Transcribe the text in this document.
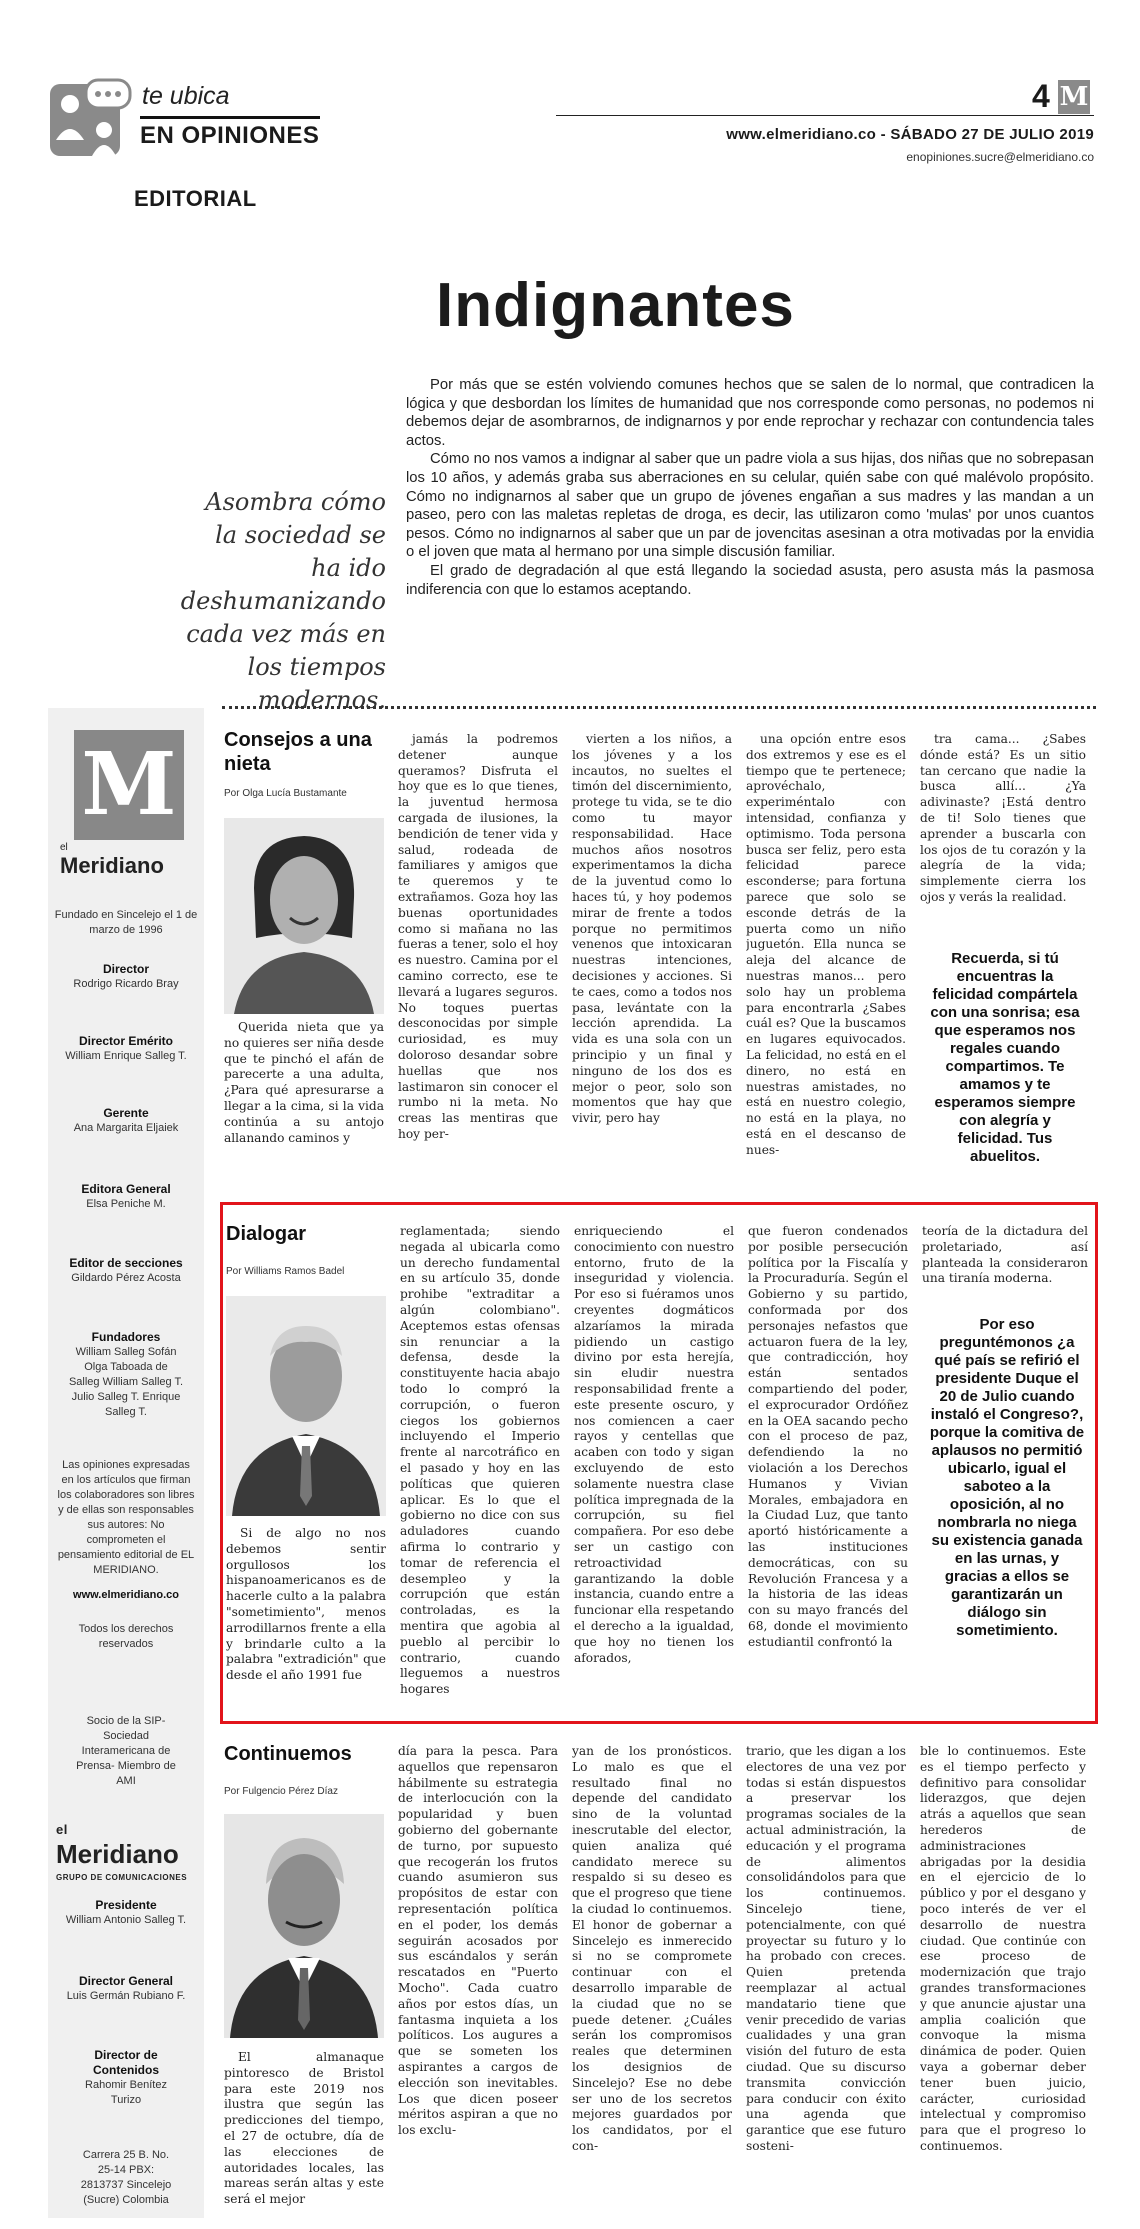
te ubica
EN OPINIONES
EDITORIAL
4 M
www.elmeridiano.co - SÁBADO 27 DE JULIO 2019
enopiniones.sucre@elmeridiano.co
Indignantes
Asombra cómo la sociedad se ha ido deshumanizando cada vez más en los tiempos modernos.

Por más que se estén volviendo comunes hechos que se salen de lo normal, que contradicen la lógica y que desbordan los límites de humanidad que nos corresponde como personas, no podemos ni debemos dejar de asombrarnos, de indignarnos y por ende reprochar y rechazar con contundencia tales actos.

Cómo no nos vamos a indignar al saber que un padre viola a sus hijas, dos niñas que no sobrepasan los 10 años, y además graba sus aberraciones en su celular, quién sabe con qué malévolo propósito. Cómo no indignarnos al saber que un grupo de jóvenes engañan a sus madres y las mandan a un paseo, pero con las maletas repletas de droga, es decir, las utilizaron como 'mulas' por unos cuantos pesos. Cómo no indignarnos al saber que un par de jovencitas asesinan a otra motivadas por la envidia o el joven que mata al hermano por una simple discusión familiar.

El grado de degradación al que está llegando la sociedad asusta, pero asusta más la pasmosa indiferencia con que lo estamos aceptando.

M
el
Meridiano
Fundado en Sincelejo el 1 de marzo de 1996
Director
Rodrigo Ricardo Bray
Director Emérito
William Enrique Salleg T.
Gerente
Ana Margarita Eljaiek
Editora General
Elsa Peniche M.
Editor de secciones
Gildardo Pérez Acosta
Fundadores
William Salleg Sofán Olga Taboada de Salleg William Salleg T. Julio Salleg T. Enrique Salleg T.
Las opiniones expresadas en los artículos que firman los colaboradores son libres y de ellas son responsables sus autores: No comprometen el pensamiento editorial de EL MERIDIANO.
www.elmeridiano.co
Todos los derechos reservados
Socio de la SIP- Sociedad Interamericana de Prensa- Miembro de AMI
el
Meridiano
GRUPO DE COMUNICACIONES
Presidente
William Antonio Salleg T.
Director General
Luis Germán Rubiano F.
Director de Contenidos
Rahomir Benítez Turizo
Carrera 25 B. No. 25-14 PBX: 2813737 Sincelejo (Sucre) Colombia
Consejos a una nieta
Por Olga Lucía Bustamante

Querida nieta que ya no quieres ser niña desde que te pinchó el afán de parecerte a una adulta, ¿Para qué apresurarse a llegar a la cima, si la vida continúa a su antojo allanando caminos y

jamás la podremos detener aunque queramos? Disfruta el hoy que es lo que tienes, la juventud hermosa cargada de ilusiones, la bendición de tener vida y salud, rodeada de familiares y amigos que te queremos y te extrañamos. Goza hoy las buenas oportunidades como si mañana no las fueras a tener, solo el hoy es nuestro. Camina por el camino correcto, ese te llevará a lugares seguros. No toques puertas desconocidas por simple curiosidad, es muy doloroso desandar sobre huellas que nos lastimaron sin conocer el rumbo ni la meta. No creas las mentiras que hoy per-

vierten a los niños, a los jóvenes y a los incautos, no sueltes el timón del discernimiento, protege tu vida, se te dio como tu mayor responsabilidad. Hace muchos años nosotros experimentamos la dicha de la juventud como lo haces tú, y hoy podemos mirar de frente a todos porque no permitimos venenos que intoxicaran nuestras intenciones, decisiones y acciones. Si te caes, como a todos nos pasa, levántate con la lección aprendida. La vida es una sola con un principio y un final y ninguno de los dos es mejor o peor, solo son momentos que hay que vivir, pero hay

una opción entre esos dos extremos y ese es el tiempo que te pertenece; aprovéchalo, experiméntalo con intensidad, confianza y optimismo. Toda persona busca ser feliz, pero esta felicidad parece esconderse; para fortuna parece que solo se esconde detrás de la puerta como un niño juguetón. Ella nunca se aleja del alcance de nuestras manos... pero solo hay un problema para encontrarla ¿Sabes cuál es? Que la buscamos en lugares equivocados. La felicidad, no está en el dinero, no está en nuestras amistades, no está en nuestro colegio, no está en la playa, no está en el descanso de nues-

tra cama... ¿Sabes dónde está? Es un sitio tan cercano que nadie la busca allí... ¿Ya adivinaste? ¡Está dentro de ti! Solo tienes que aprender a buscarla con los ojos de tu corazón y la alegría de la vida; simplemente cierra los ojos y verás la realidad.

Recuerda, si tú encuentras la felicidad compártela con una sonrisa; esa que esperamos nos regales cuando compartimos. Te amamos y te esperamos siempre con alegría y felicidad. Tus abuelitos.
Dialogar
Por Williams Ramos Badel

Si de algo no nos debemos sentir orgullosos los hispanoamericanos es de hacerle culto a la palabra "sometimiento", menos arrodillarnos frente a ella y brindarle culto a la palabra "extradición" que desde el año 1991 fue

reglamentada; siendo negada al ubicarla como un derecho fundamental en su artículo 35, donde prohibe "extraditar a algún colombiano". Aceptemos estas ofensas sin renunciar a la defensa, desde la constituyente hacia abajo todo lo compró la corrupción, o fueron ciegos los gobiernos incluyendo el Imperio frente al narcotráfico en el pasado y hoy en las políticas que quieren aplicar. Es lo que el gobierno no dice con sus aduladores cuando afirma lo contrario y tomar de referencia el desempleo y la corrupción que están controladas, es la mentira que agobia al pueblo al percibir lo contrario, cuando lleguemos a nuestros hogares

enriqueciendo el conocimiento con nuestro entorno, fruto de la inseguridad y violencia. Por eso si fuéramos unos creyentes dogmáticos alzaríamos la mirada pidiendo un castigo divino por esta herejía, sin eludir nuestra responsabilidad frente a este presente oscuro, y nos comiencen a caer rayos y centellas que acaben con todo y sigan excluyendo de esto solamente nuestra clase política impregnada de la corrupción, su fiel compañera. Por eso debe ser un castigo con retroactividad garantizando la doble instancia, cuando entre a funcionar ella respetando el derecho a la igualdad, que hoy no tienen los aforados,

que fueron condenados por posible persecución política por la Fiscalía y la Procuraduría. Según el Gobierno y su partido, conformada por dos personajes nefastos que actuaron fuera de la ley, que contradicción, hoy están sentados compartiendo del poder, el exprocurador Ordóñez en la OEA sacando pecho con el proceso de paz, defendiendo la no violación a los Derechos Humanos y Vivian Morales, embajadora en la Ciudad Luz, que tanto aportó históricamente a las instituciones democráticas, con su Revolución Francesa y a la historia de las ideas con su mayo francés del 68, donde el movimiento estudiantil confrontó la

teoría de la dictadura del proletariado, así planteada la consideraron una tiranía moderna.

Por eso preguntémonos ¿a qué país se refirió el presidente Duque el 20 de Julio cuando instaló el Congreso?, porque la comitiva de aplausos no permitió ubicarlo, igual el saboteo a la oposición, al no nombrarla no niega su existencia ganada en las urnas, y gracias a ellos se garantizarán un diálogo sin sometimiento.
Continuemos
Por Fulgencio Pérez Díaz

El almanaque pintoresco de Bristol para este 2019 nos ilustra que según las predicciones del tiempo, el 27 de octubre, día de las elecciones de autoridades locales, las mareas serán altas y este será el mejor

día para la pesca. Para aquellos que repensaron hábilmente su estrategia de interlocución con la popularidad y buen gobierno del gobernante de turno, por supuesto que recogerán los frutos cuando asumieron sus propósitos de estar con representación política en el poder, los demás seguirán acosados por sus escándalos y serán rescatados en "Puerto Mocho". Cada cuatro años por estos días, un fantasma inquieta a los políticos. Los augures a que se someten los aspirantes a cargos de elección son inevitables. Los que dicen poseer méritos aspiran a que no los exclu-

yan de los pronósticos. Lo malo es que el resultado final no depende del candidato sino de la voluntad inescrutable del elector, quien analiza qué candidato merece su respaldo si su deseo es que el progreso que tiene la ciudad lo continuemos. El honor de gobernar a Sincelejo es inmerecido si no se compromete continuar con el desarrollo imparable de la ciudad que no se puede detener. ¿Cuáles serán los compromisos reales que determinen los designios de Sincelejo? Ese no debe ser uno de los secretos mejores guardados por los candidatos, por el con-

trario, que les digan a los electores de una vez por todas si están dispuestos a preservar los programas sociales de la actual administración, la educación y el programa de alimentos consolidándolos para que los continuemos. Sincelejo tiene, potencialmente, con qué proyectar su futuro y lo ha probado con creces. Quien pretenda reemplazar al actual mandatario tiene que venir precedido de varias cualidades y una gran visión del futuro de esta ciudad. Que su discurso transmita convicción para conducir con éxito una agenda que garantice que ese futuro sosteni-

ble lo continuemos. Este es el tiempo perfecto y definitivo para consolidar liderazgos, que dejen atrás a aquellos que sean herederos de administraciones abrigadas por la desidia en el ejercicio de lo público y por el desgano y poco interés de ver el desarrollo de nuestra ciudad. Que continúe con ese proceso de modernización que trajo grandes transformaciones y que anuncie ajustar una amplia coalición que convoque la misma dinámica de poder. Quien vaya a gobernar deber tener buen juicio, carácter, curiosidad intelectual y compromiso para que el progreso lo continuemos.
